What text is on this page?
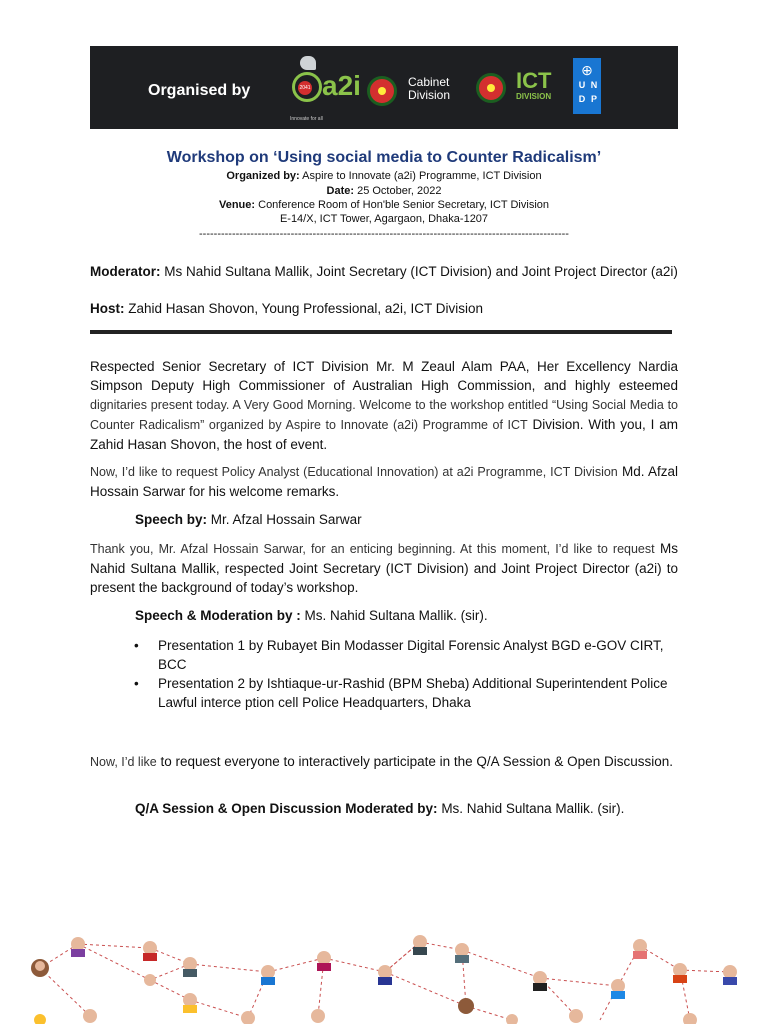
Organised by	2041 a2i
Innovate for all
Cabinet
Division
ICT
DIVISION
⊕
U N
D P
Workshop on ‘Using social media to Counter Radicalism’
Organized by: Aspire to Innovate (a2i) Programme, ICT Division
Date: 25 October, 2022
Venue: Conference Room of Hon'ble Senior Secretary, ICT Division
E-14/X, ICT Tower, Agargaon, Dhaka-1207
-----------------------------------------------------------------------------------------------------
Moderator: Ms Nahid Sultana Mallik, Joint Secretary (ICT Division) and Joint Project Director (a2i)
Host: Zahid Hasan Shovon, Young Professional, a2i, ICT Division
Respected Senior Secretary of ICT Division Mr. M Zeaul Alam PAA, Her Excellency Nardia Simpson Deputy High Commissioner of Australian High Commission, and highly esteemed dignitaries present today. A Very Good Morning. Welcome to the workshop entitled “Using Social Media to Counter Radicalism” organized by Aspire to Innovate (a2i) Programme of ICT Division. With you, I am Zahid Hasan Shovon, the host of event.
Now, I’d like to request Policy Analyst (Educational Innovation) at a2i Programme, ICT Division Md. Afzal Hossain Sarwar for his welcome remarks.
Speech by: Mr. Afzal Hossain Sarwar
Thank you, Mr. Afzal Hossain Sarwar, for an enticing beginning. At this moment, I’d like to request Ms Nahid Sultana Mallik, respected Joint Secretary (ICT Division) and Joint Project Director (a2i) to present the background of today’s workshop.
Speech & Moderation by : Ms. Nahid Sultana Mallik. (sir).
• Presentation 1 by Rubayet Bin Modasser Digital Forensic Analyst BGD e-GOV CIRT, BCC
• Presentation 2 by Ishtiaque-ur-Rashid (BPM Sheba) Additional Superintendent Police Lawful interce ption cell Police Headquarters, Dhaka
Now, I’d like to request everyone to interactively participate in the Q/A Session & Open Discussion.
Q/A Session & Open Discussion Moderated by: Ms. Nahid Sultana Mallik. (sir).
